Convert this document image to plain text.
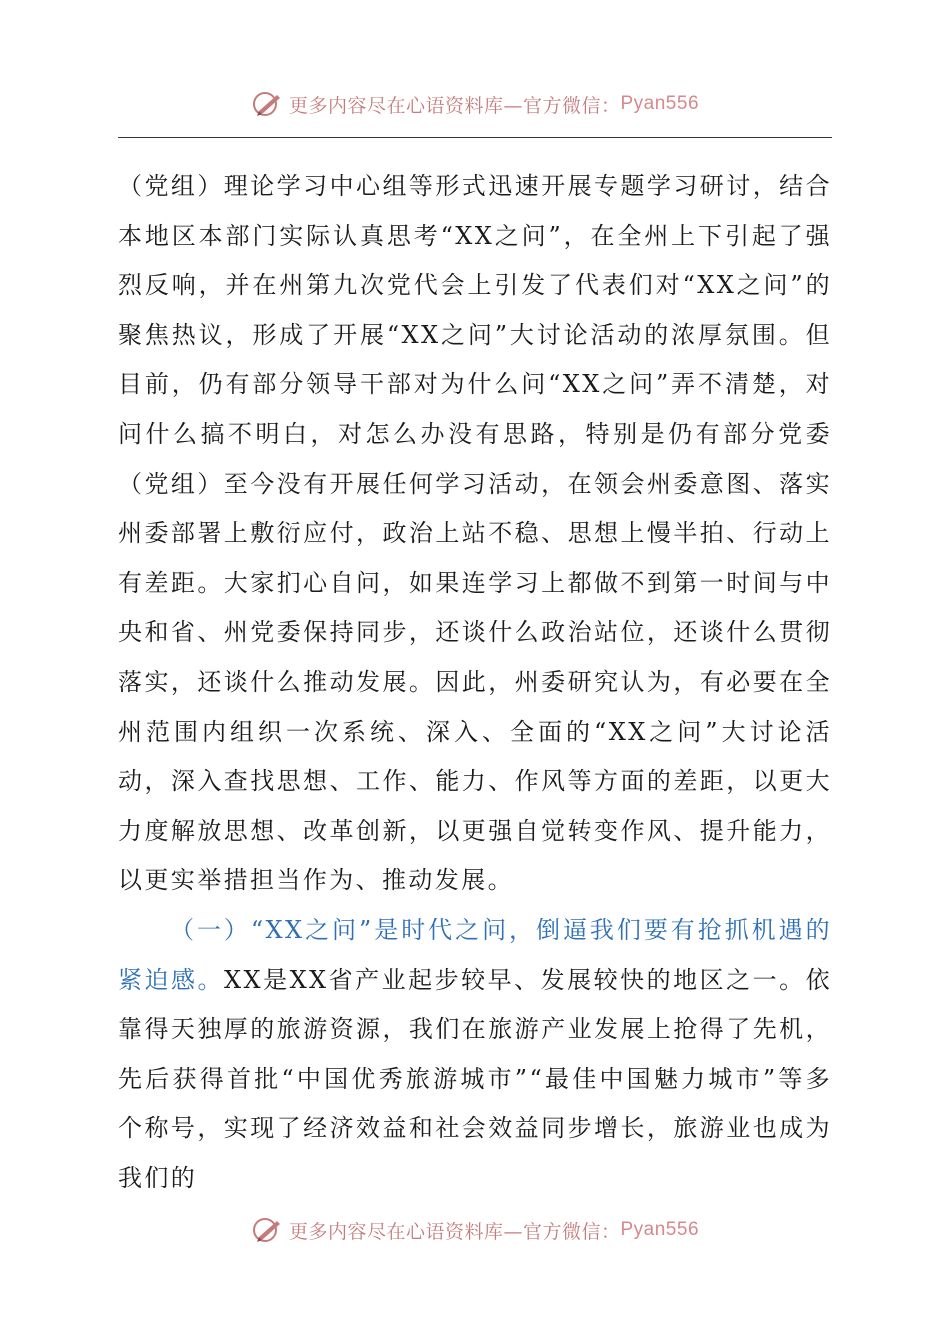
更多内容尽在心语资料库—官方微信： Pyan556

（党组）理论学习中心组等形式迅速开展专题学习研讨，结合本地区本部门实际认真思考“XX之问”，在全州上下引起了强烈反响，并在州第九次党代会上引发了代表们对“XX之问”的聚焦热议，形成了开展“XX之问”大讨论活动的浓厚氛围。但目前，仍有部分领导干部对为什么问“XX之问”弄不清楚，对问什么搞不明白，对怎么办没有思路，特别是仍有部分党委（党组）至今没有开展任何学习活动，在领会州委意图、落实州委部署上敷衍应付，政治上站不稳、思想上慢半拍、行动上有差距。大家扪心自问，如果连学习上都做不到第一时间与中央和省、州党委保持同步，还谈什么政治站位，还谈什么贯彻落实，还谈什么推动发展。因此，州委研究认为，有必要在全州范围内组织一次系统、深入、全面的“XX之问”大讨论活动，深入查找思想、工作、能力、作风等方面的差距，以更大力度解放思想、改革创新，以更强自觉转变作风、提升能力，以更实举措担当作为、推动发展。

（一）“XX之问”是时代之问，倒逼我们要有抢抓机遇的紧迫感。XX是XX省产业起步较早、发展较快的地区之一。依靠得天独厚的旅游资源，我们在旅游产业发展上抢得了先机，先后获得首批“中国优秀旅游城市”“最佳中国魅力城市”等多个称号，实现了经济效益和社会效益同步增长，旅游业也成为我们的

更多内容尽在心语资料库—官方微信： Pyan556
